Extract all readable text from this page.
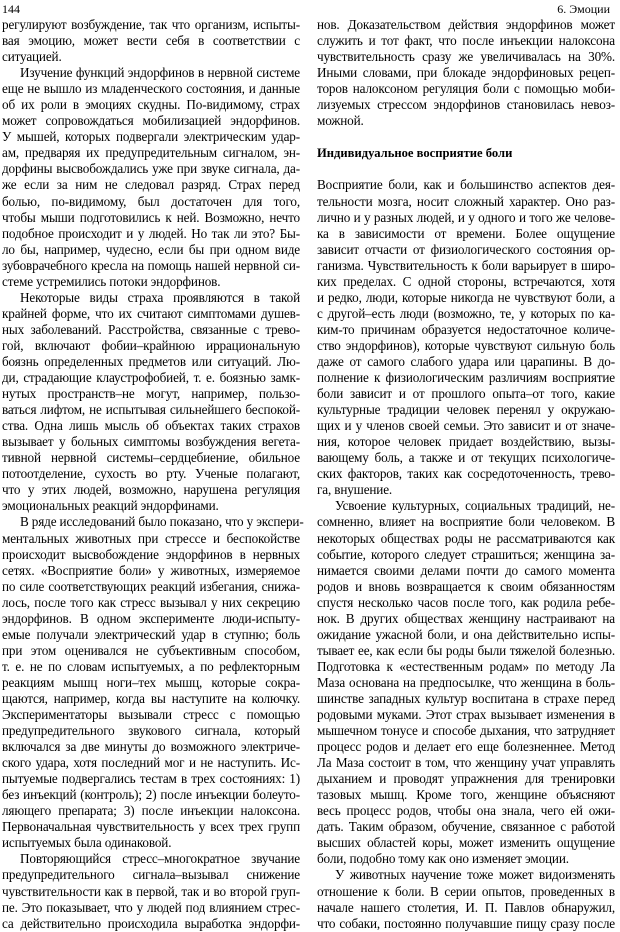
144	6. Эмоции
регулируют возбуждение, так что организм, испыты-
вая эмоцию, может вести себя в соответствии с
ситуацией.
Изучение функций эндорфинов в нервной системе
еще не вышло из младенческого состояния, и данные
об их роли в эмоциях скудны. По-видимому, страх
может сопровождаться мобилизацией эндорфинов.
У мышей, которых подвергали электрическим удар-
ам, предваряя их предупредительным сигналом, эн-
дорфины высвобождались уже при звуке сигнала, да-
же если за ним не следовал разряд. Страх перед
болью, по-видимому, был достаточен для того,
чтобы мыши подготовились к ней. Возможно, нечто
подобное происходит и у людей. Но так ли это? Бы-
ло бы, например, чудесно, если бы при одном виде
зубоврачебного кресла на помощь нашей нервной си-
стеме устремились потоки эндорфинов.
Некоторые виды страха проявляются в такой
крайней форме, что их считают симптомами душев-
ных заболеваний. Расстройства, связанные с трево-
гой, включают фобии–крайнюю иррациональную
боязнь определенных предметов или ситуаций. Лю-
ди, страдающие клаустрофобией, т. е. боязнью замк-
нутых пространств–не могут, например, пользо-
ваться лифтом, не испытывая сильнейшего беспокой-
ства. Одна лишь мысль об объектах таких страхов
вызывает у больных симптомы возбуждения вегета-
тивной нервной системы–сердцебиение, обильное
потоотделение, сухость во рту. Ученые полагают,
что у этих людей, возможно, нарушена регуляция
эмоциональных реакций эндорфинами.
В ряде исследований было показано, что у экспери-
ментальных животных при стрессе и беспокойстве
происходит высвобождение эндорфинов в нервных
сетях. «Восприятие боли» у животных, измеряемое
по силе соответствующих реакций избегания, снижа-
лось, после того как стресс вызывал у них секрецию
эндорфинов. В одном эксперименте люди-испыту-
емые получали электрический удар в ступню; боль
при этом оценивался не субъективным способом,
т. е. не по словам испытуемых, а по рефлекторным
реакциям мышц ноги–тех мышц, которые сокра-
щаются, например, когда вы наступите на колючку.
Экспериментаторы вызывали стресс с помощью
предупредительного звукового сигнала, который
включался за две минуты до возможного электриче-
ского удара, хотя последний мог и не наступить. Ис-
пытуемые подвергались тестам в трех состояниях: 1)
без инъекций (контроль); 2) после инъекции болеуто-
ляющего препарата; 3) после инъекции налоксона.
Первоначальная чувствительность у всех трех групп
испытуемых была одинаковой.
Повторяющийся стресс–многократное звучание
предупредительного сигнала–вызывал снижение
чувствительности как в первой, так и во второй груп-
пе. Это показывает, что у людей под влиянием стрес-
са действительно происходила выработка эндорфи-
нов. Доказательством действия эндорфинов может
служить и тот факт, что после инъекции налоксона
чувствительность сразу же увеличивалась на 30%.
Иными словами, при блокаде эндорфиновых рецеп-
торов налоксоном регуляция боли с помощью моби-
лизуемых стрессом эндорфинов становилась невоз-
можной.
Индивидуальное восприятие боли
Восприятие боли, как и большинство аспектов дея-
тельности мозга, носит сложный характер. Оно раз-
лично и у разных людей, и у одного и того же челове-
ка в зависимости от времени. Более ощущение
зависит отчасти от физиологического состояния ор-
ганизма. Чувствительность к боли варьирует в широ-
ких пределах. С одной стороны, встречаются, хотя
и редко, люди, которые никогда не чувствуют боли, а
с другой–есть люди (возможно, те, у которых по ка-
ким-то причинам образуется недостаточное количе-
ство эндорфинов), которые чувствуют сильную боль
даже от самого слабого удара или царапины. В до-
полнение к физиологическим различиям восприятие
боли зависит и от прошлого опыта–от того, какие
культурные традиции человек перенял у окружаю-
щих и у членов своей семьи. Это зависит и от значе-
ния, которое человек придает воздействию, вызы-
вающему боль, а также и от текущих психологиче-
ских факторов, таких как сосредоточенность, трево-
га, внушение.
Усвоение культурных, социальных традиций, не-
сомненно, влияет на восприятие боли человеком. В
некоторых обществах роды не рассматриваются как
событие, которого следует страшиться; женщина за-
нимается своими делами почти до самого момента
родов и вновь возвращается к своим обязанностям
спустя несколько часов после того, как родила ребе-
нок. В других обществах женщину настраивают на
ожидание ужасной боли, и она действительно испы-
тывает ее, как если бы роды были тяжелой болезнью.
Подготовка к «естественным родам» по методу Ла
Маза основана на предпосылке, что женщина в боль-
шинстве западных культур воспитана в страхе перед
родовыми муками. Этот страх вызывает изменения в
мышечном тонусе и способе дыхания, что затрудняет
процесс родов и делает его еще болезненнее. Метод
Ла Маза состоит в том, что женщину учат управлять
дыханием и проводят упражнения для тренировки
тазовых мышц. Кроме того, женщине объясняют
весь процесс родов, чтобы она знала, чего ей ожи-
дать. Таким образом, обучение, связанное с работой
высших областей коры, может изменить ощущение
боли, подобно тому как оно изменяет эмоции.
У животных научение тоже может видоизменять
отношение к боли. В серии опытов, проведенных в
начале нашего столетия, И. П. Павлов обнаружил,
что собаки, постоянно получавшие пищу сразу после
